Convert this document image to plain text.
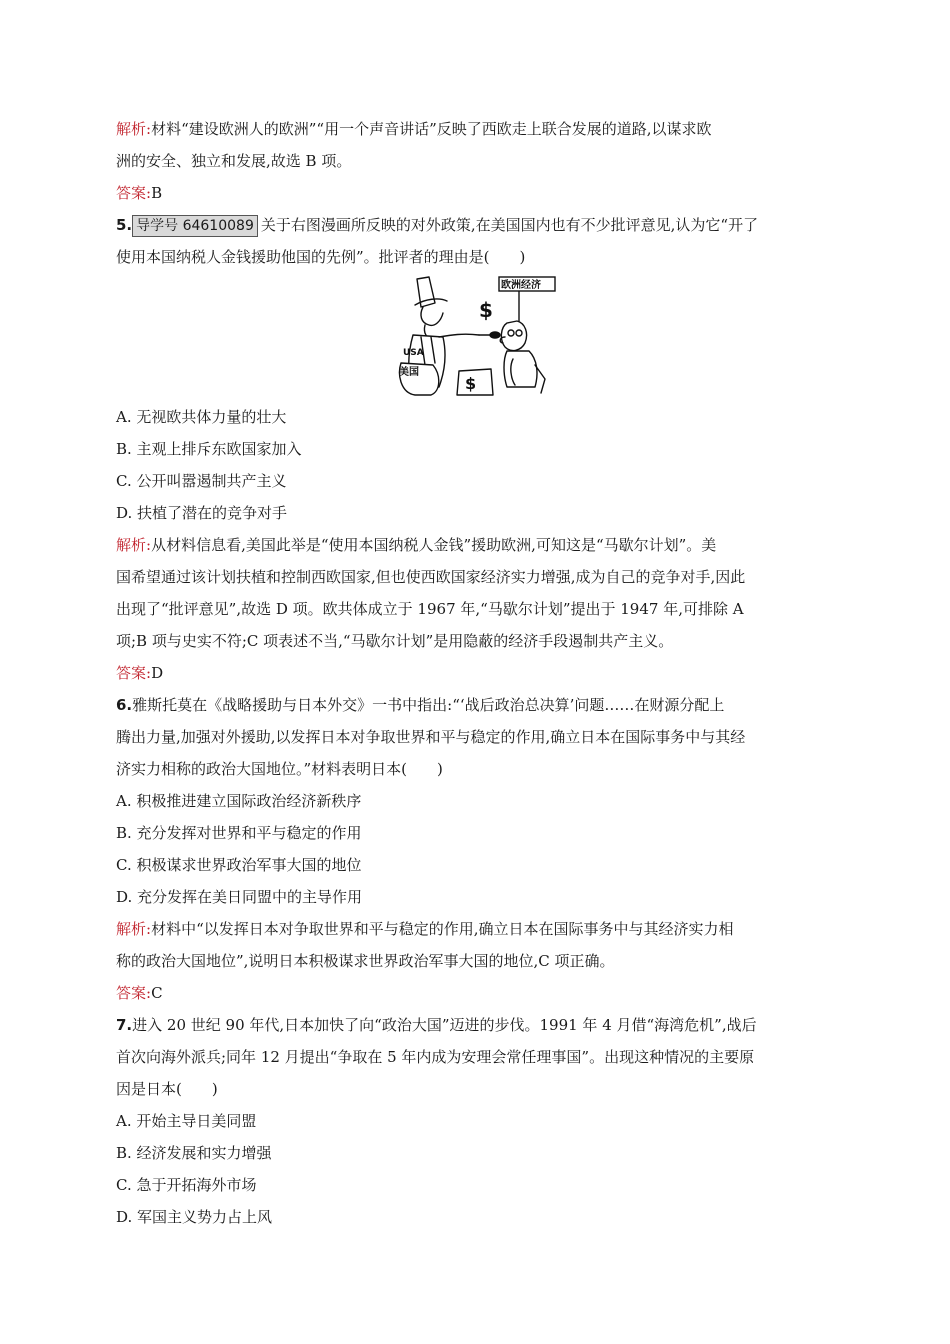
解析:材料“建设欧洲人的欧洲”“用一个声音讲话”反映了西欧走上联合发展的道路,以谋求欧
洲的安全、独立和发展,故选 B 项。
答案:B
5. 导学号 64610089 关于右图漫画所反映的对外政策,在美国国内也有不少批评意见,认为它“开了
使用本国纳税人金钱援助他国的先例”。批评者的理由是(　　)
欧洲经济
$
USA
美国
$
A. 无视欧共体力量的壮大
B. 主观上排斥东欧国家加入
C. 公开叫嚣遏制共产主义
D. 扶植了潜在的竞争对手
解析:从材料信息看,美国此举是“使用本国纳税人金钱”援助欧洲,可知这是“马歇尔计划”。美
国希望通过该计划扶植和控制西欧国家,但也使西欧国家经济实力增强,成为自己的竞争对手,因此
出现了“批评意见”,故选 D 项。欧共体成立于 1967 年,“马歇尔计划”提出于 1947 年,可排除 A
项;B 项与史实不符;C 项表述不当,“马歇尔计划”是用隐蔽的经济手段遏制共产主义。
答案:D
6.雅斯托莫在《战略援助与日本外交》一书中指出:“‘战后政治总决算’问题……在财源分配上
腾出力量,加强对外援助,以发挥日本对争取世界和平与稳定的作用,确立日本在国际事务中与其经
济实力相称的政治大国地位。”材料表明日本(　　)
A. 积极推进建立国际政治经济新秩序
B. 充分发挥对世界和平与稳定的作用
C. 积极谋求世界政治军事大国的地位
D. 充分发挥在美日同盟中的主导作用
解析:材料中“以发挥日本对争取世界和平与稳定的作用,确立日本在国际事务中与其经济实力相
称的政治大国地位”,说明日本积极谋求世界政治军事大国的地位,C 项正确。
答案:C
7.进入 20 世纪 90 年代,日本加快了向“政治大国”迈进的步伐。1991 年 4 月借“海湾危机”,战后
首次向海外派兵;同年 12 月提出“争取在 5 年内成为安理会常任理事国”。出现这种情况的主要原
因是日本(　　)
A. 开始主导日美同盟
B. 经济发展和实力增强
C. 急于开拓海外市场
D. 军国主义势力占上风
